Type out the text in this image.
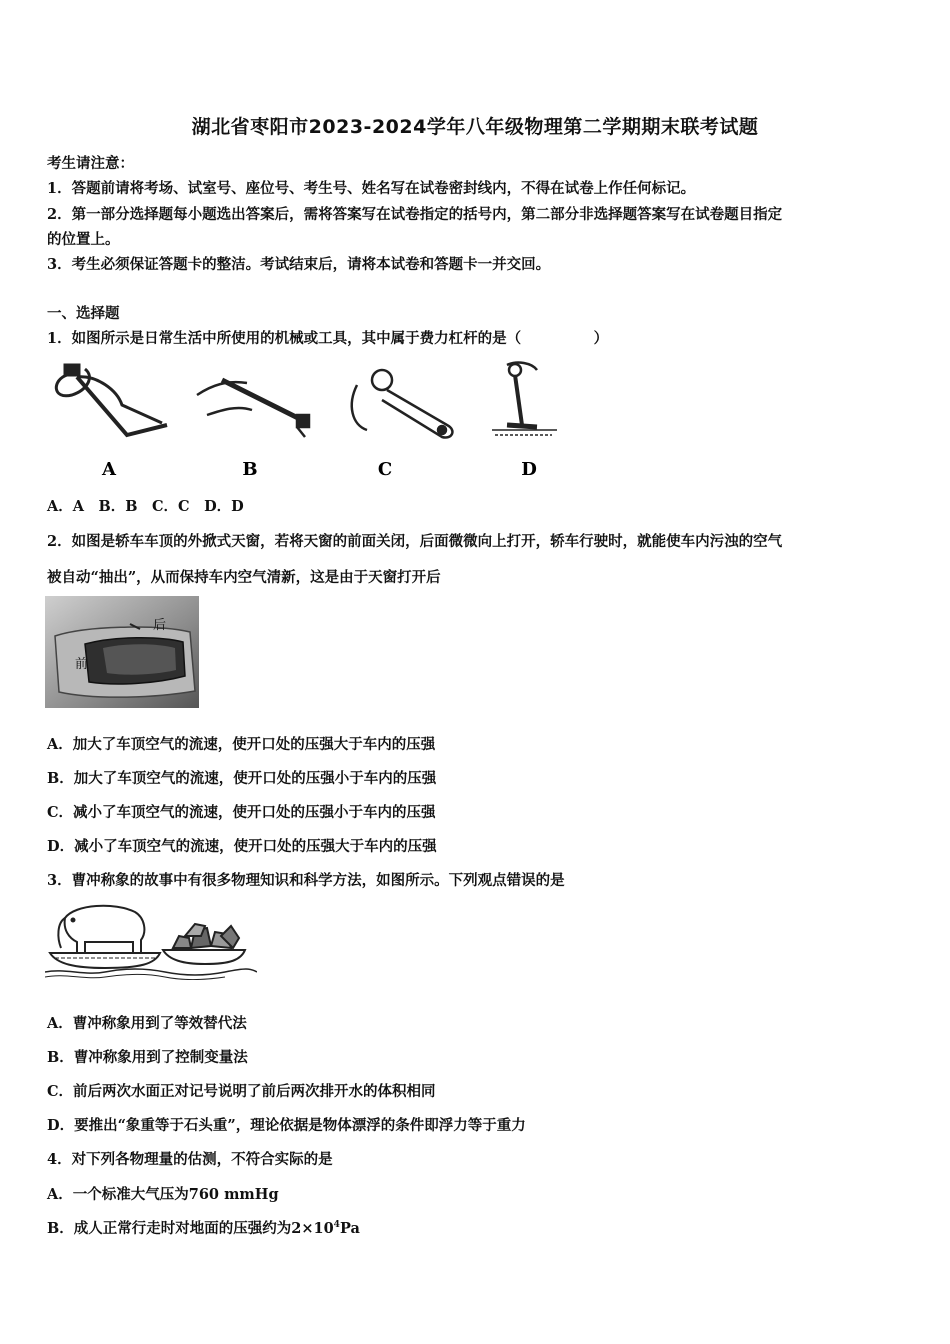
湖北省枣阳市2023-2024学年八年级物理第二学期期末联考试题
考生请注意：
1．答题前请将考场、试室号、座位号、考生号、姓名写在试卷密封线内，不得在试卷上作任何标记。
2．第一部分选择题每小题选出答案后，需将答案写在试卷指定的括号内，第二部分非选择题答案写在试卷题目指定
的位置上。
3．考生必须保证答题卡的整洁。考试结束后，请将本试卷和答题卡一并交回。
一、选择题
1．如图所示是日常生活中所使用的机械或工具，其中属于费力杠杆的是（　　　　　）
A	B	C	D
A．A　B．B　C．C　D．D
2．如图是轿车车顶的外掀式天窗，若将天窗的前面关闭，后面微微向上打开，轿车行驶时，就能使车内污浊的空气
被自动“抽出”，从而保持车内空气清新，这是由于天窗打开后
后
前
A．加大了车顶空气的流速，使开口处的压强大于车内的压强
B．加大了车顶空气的流速，使开口处的压强小于车内的压强
C．减小了车顶空气的流速，使开口处的压强小于车内的压强
D．减小了车顶空气的流速，使开口处的压强大于车内的压强
3．曹冲称象的故事中有很多物理知识和科学方法，如图所示。下列观点错误的是
A．曹冲称象用到了等效替代法
B．曹冲称象用到了控制变量法
C．前后两次水面正对记号说明了前后两次排开水的体积相同
D．要推出“象重等于石头重”，理论依据是物体漂浮的条件即浮力等于重力
4．对下列各物理量的估测，不符合实际的是
A．一个标准大气压为760 mmHg
B．成人正常行走时对地面的压强约为$2\times 10^4Pa$
